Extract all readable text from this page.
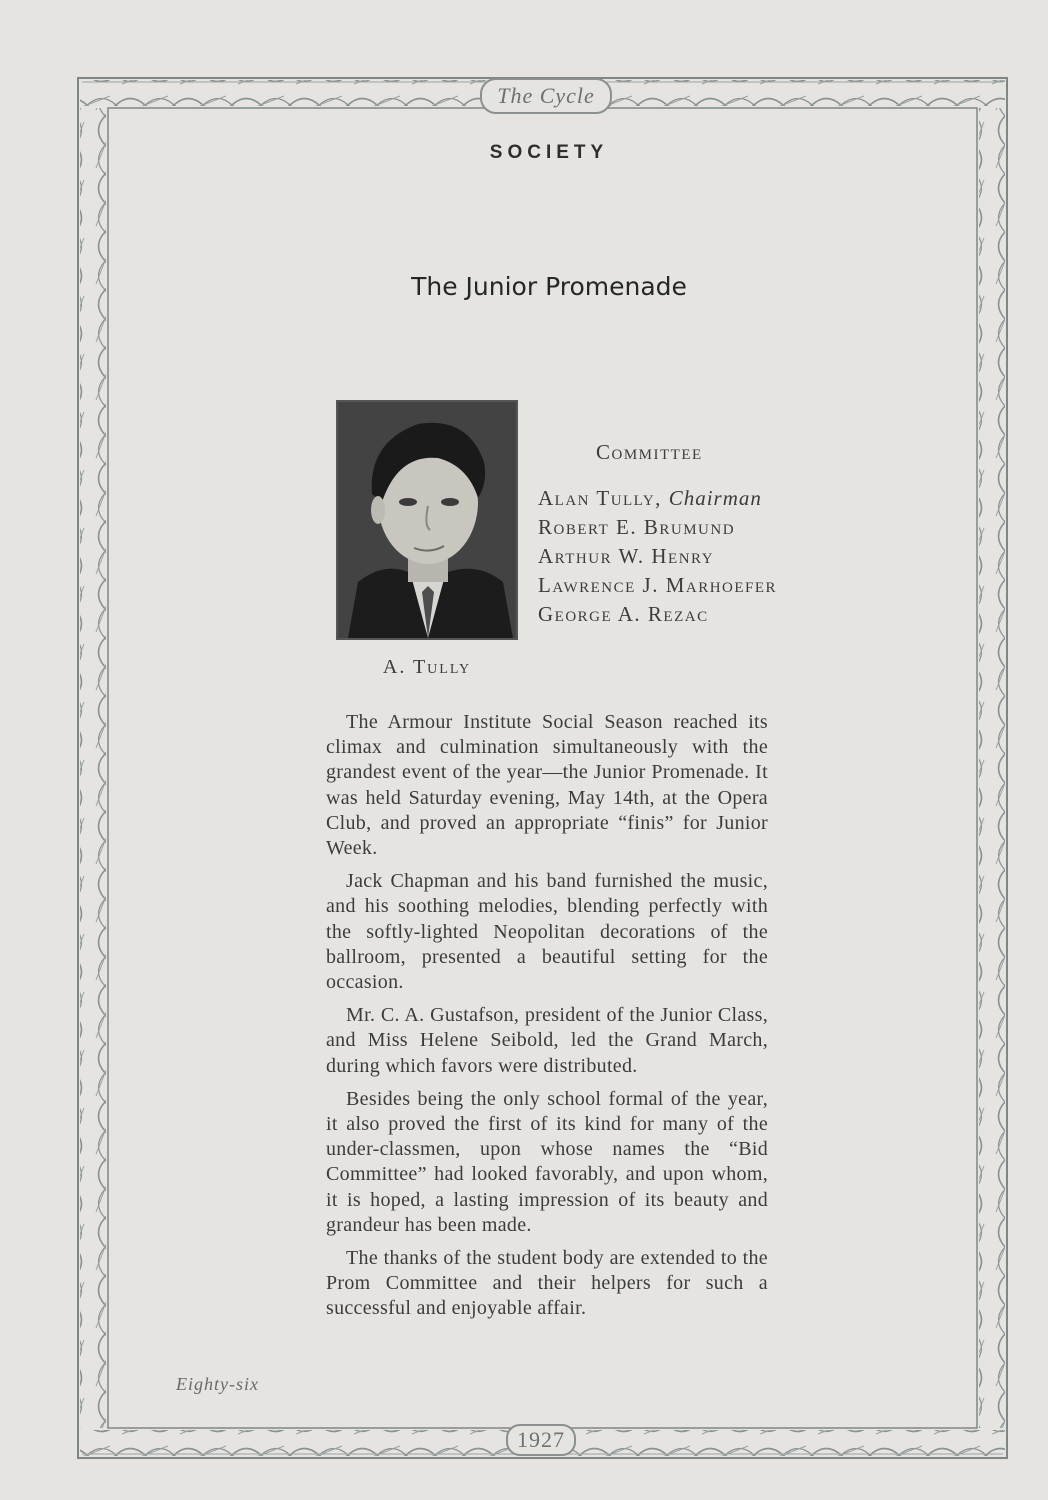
The Cycle
1927
SOCIETY
The Junior Promenade
A. Tully
Committee
Alan Tully, Chairman
Robert E. Brumund
Arthur W. Henry
Lawrence J. Marhoefer
George A. Rezac

The Armour Institute Social Season reached its climax and culmination simultaneously with the grandest event of the year—the Junior Promenade. It was held Saturday evening, May 14th, at the Opera Club, and proved an appropriate “finis” for Junior Week.

Jack Chapman and his band furnished the music, and his soothing melodies, blending perfectly with the softly-lighted Neopolitan decorations of the ballroom, presented a beautiful setting for the occasion.

Mr. C. A. Gustafson, president of the Junior Class, and Miss Helene Seibold, led the Grand March, during which favors were distributed.

Besides being the only school formal of the year, it also proved the first of its kind for many of the under-classmen, upon whose names the “Bid Committee” had looked favorably, and upon whom, it is hoped, a lasting impression of its beauty and grandeur has been made.

The thanks of the student body are extended to the Prom Committee and their helpers for such a successful and enjoyable affair.

Eighty-six
